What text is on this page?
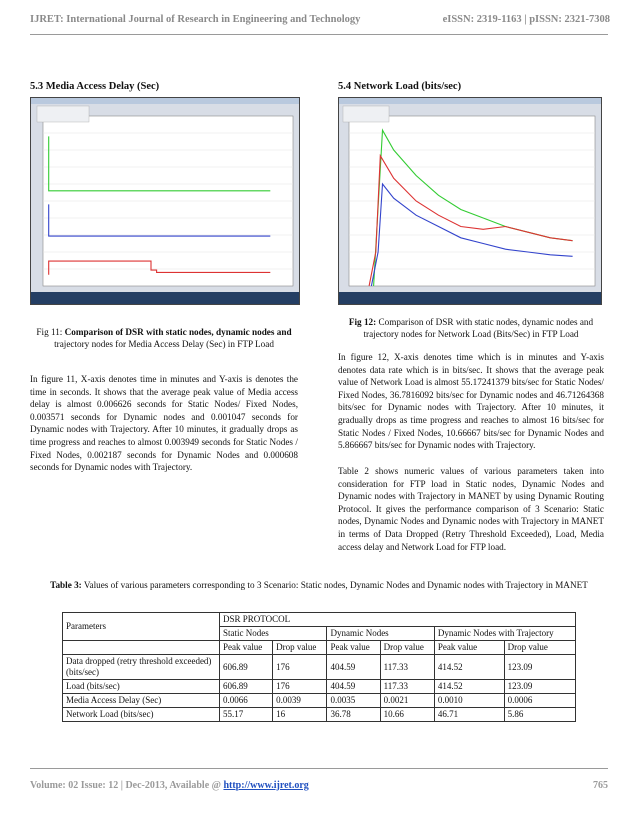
IJRET: International Journal of Research in Engineering and Technology	eISSN: 2319-1163 | pISSN: 2321-7308
5.3 Media Access Delay (Sec)
Fig 11: Comparison of DSR with static nodes, dynamic nodes and trajectory nodes for Media Access Delay (Sec) in FTP Load
In figure 11, X-axis denotes time in minutes and Y-axis is denotes the time in seconds. It shows that the average peak value of Media access delay is almost 0.006626 seconds for Static Nodes/ Fixed Nodes, 0.003571 seconds for Dynamic nodes and 0.001047 seconds for Dynamic nodes with Trajectory. After 10 minutes, it gradually drops as time progress and reaches to almost 0.003949 seconds for Static Nodes / Fixed Nodes, 0.002187 seconds for Dynamic Nodes and 0.000608 seconds for Dynamic nodes with Trajectory.
5.4 Network Load (bits/sec)
Fig 12: Comparison of DSR with static nodes, dynamic nodes and trajectory nodes for Network Load (Bits/Sec) in FTP Load
In figure 12, X-axis denotes time which is in minutes and Y-axis denotes data rate which is in bits/sec. It shows that the average peak value of Network Load is almost 55.17241379 bits/sec for Static Nodes/ Fixed Nodes, 36.7816092 bits/sec for Dynamic nodes and 46.71264368 bits/sec for Dynamic nodes with Trajectory. After 10 minutes, it gradually drops as time progress and reaches to almost 16 bits/sec for Static Nodes / Fixed Nodes, 10.66667 bits/sec for Dynamic Nodes and 5.866667 bits/sec for Dynamic nodes with Trajectory.
Table 2 shows numeric values of various parameters taken into consideration for FTP load in Static nodes, Dynamic Nodes and Dynamic nodes with Trajectory in MANET by using Dynamic Routing Protocol. It gives the performance comparison of 3 Scenario: Static nodes, Dynamic Nodes and Dynamic nodes with Trajectory in MANET in terms of Data Dropped (Retry Threshold Exceeded), Load, Media access delay and Network Load for FTP load.
Table 3: Values of various parameters corresponding to 3 Scenario: Static nodes, Dynamic Nodes and Dynamic nodes with Trajectory in MANET
Parameters	DSR PROTOCOL					
	Static Nodes		Dynamic Nodes		Dynamic Nodes with Trajectory	
	Peak value	Drop value	Peak value	Drop value	Peak value	Drop value
Data dropped (retry threshold exceeded) (bits/sec)	606.89	176	404.59	117.33	414.52	123.09
Load (bits/sec)	606.89	176	404.59	117.33	414.52	123.09
Media Access Delay (Sec)	0.0066	0.0039	0.0035	0.0021	0.0010	0.0006
Network Load (bits/sec)	55.17	16	36.78	10.66	46.71	5.86
Volume: 02 Issue: 12 | Dec-2013, Available @ http://www.ijret.org	765
